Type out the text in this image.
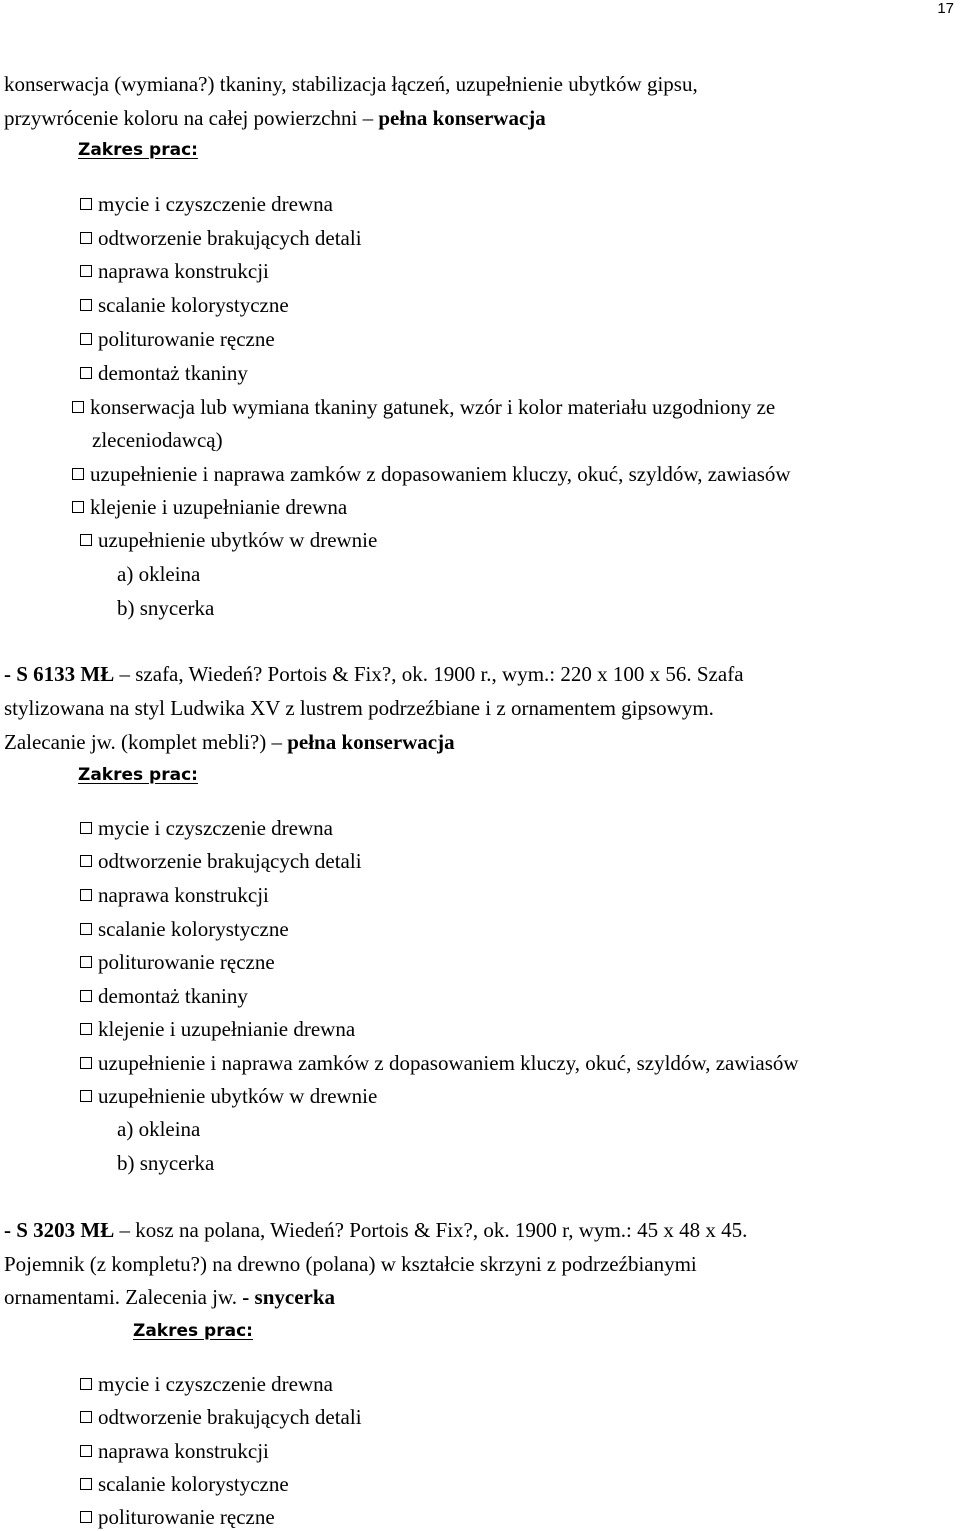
17
konserwacja (wymiana?) tkaniny, stabilizacja łączeń, uzupełnienie ubytków gipsu,
przywrócenie koloru na całej powierzchni – pełna konserwacja
Zakres prac:
mycie i czyszczenie drewna
odtworzenie brakujących detali
naprawa konstrukcji
scalanie kolorystyczne
politurowanie ręczne
demontaż tkaniny
konserwacja lub wymiana tkaniny gatunek, wzór i kolor materiału uzgodniony ze
zleceniodawcą)
uzupełnienie i naprawa zamków z dopasowaniem kluczy, okuć, szyldów, zawiasów
klejenie i uzupełnianie drewna
uzupełnienie ubytków w drewnie
a) okleina
b) snycerka
- S 6133 MŁ – szafa, Wiedeń? Portois & Fix?, ok. 1900 r., wym.: 220 x 100 x 56. Szafa
stylizowana na styl Ludwika XV z lustrem podrzeźbiane i z ornamentem gipsowym.
Zalecanie jw. (komplet mebli?) – pełna konserwacja
Zakres prac:
mycie i czyszczenie drewna
odtworzenie brakujących detali
naprawa konstrukcji
scalanie kolorystyczne
politurowanie ręczne
demontaż tkaniny
klejenie i uzupełnianie drewna
uzupełnienie i naprawa zamków z dopasowaniem kluczy, okuć, szyldów, zawiasów
uzupełnienie ubytków w drewnie
a) okleina
b) snycerka
- S 3203 MŁ – kosz na polana, Wiedeń? Portois & Fix?, ok. 1900 r, wym.: 45 x 48 x 45.
Pojemnik (z kompletu?) na drewno (polana) w kształcie skrzyni z podrzeźbianymi
ornamentami. Zalecenia jw. - snycerka
Zakres prac:
mycie i czyszczenie drewna
odtworzenie brakujących detali
naprawa konstrukcji
scalanie kolorystyczne
politurowanie ręczne
